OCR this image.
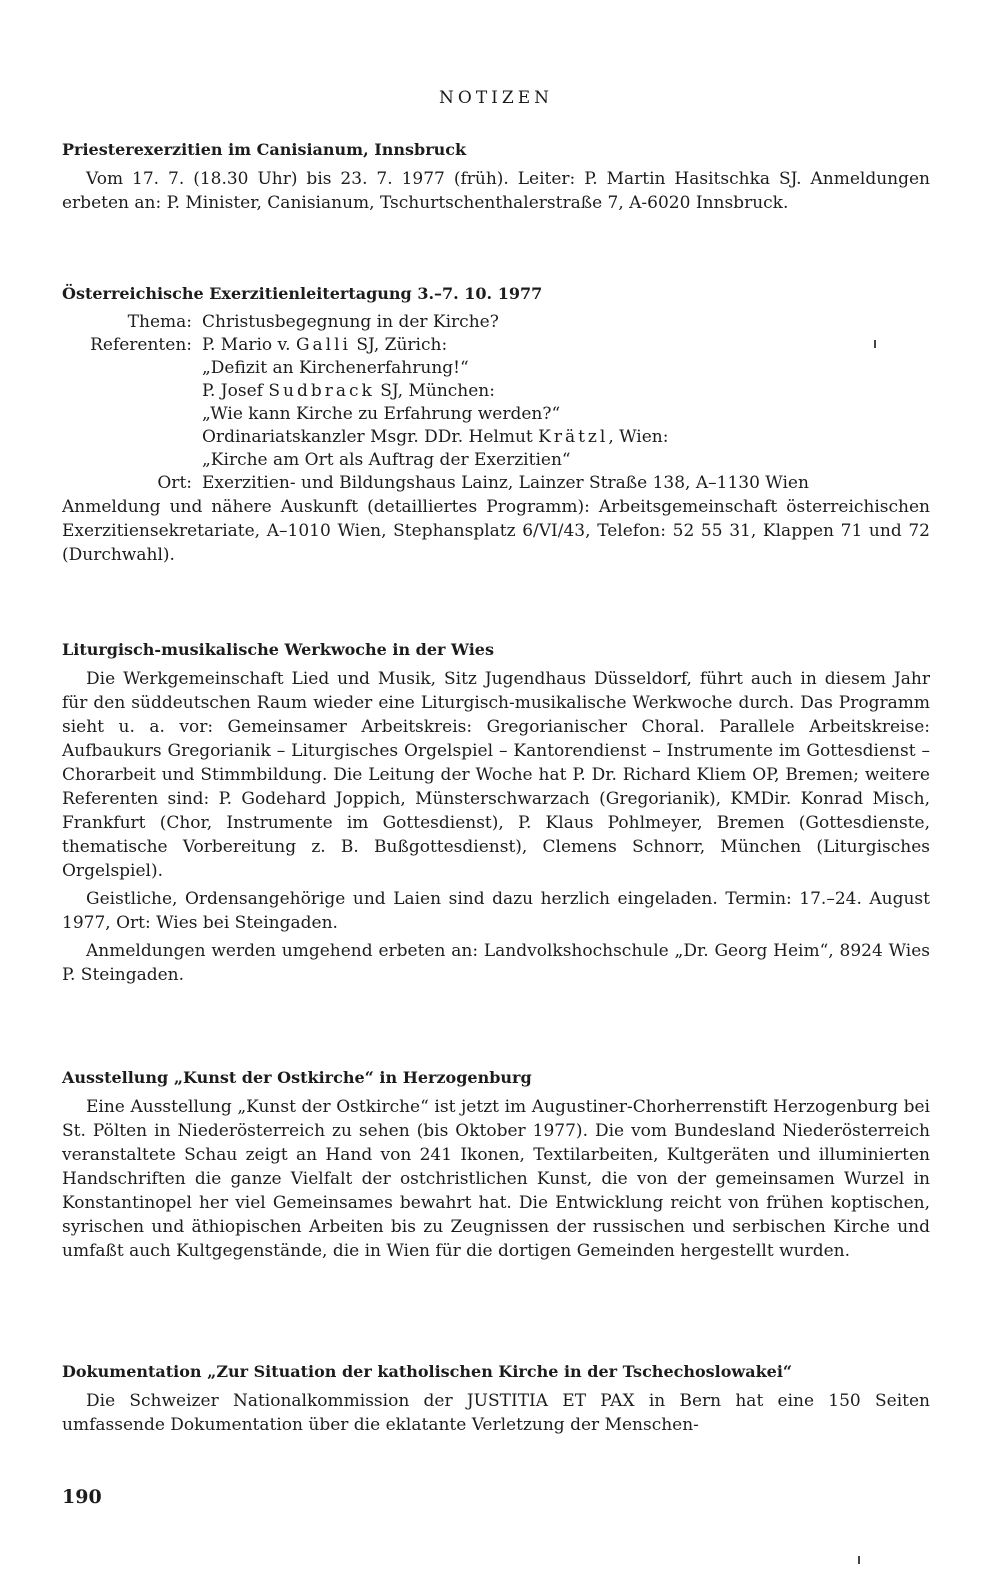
NOTIZEN
Priesterexerzitien im Canisianum, Innsbruck

Vom 17. 7. (18.30 Uhr) bis 23. 7. 1977 (früh). Leiter: P. Martin Hasitschka SJ. Anmeldungen erbeten an: P. Minister, Canisianum, Tschurtschenthalerstraße 7, A-6020 Innsbruck.

Österreichische Exerzitienleitertagung 3.–7. 10. 1977
Thema: Christusbegegnung in der Kirche?
Referenten: P. Mario v. Galli SJ, Zürich:
„Defizit an Kirchenerfahrung!“
P. Josef Sudbrack SJ, München:
„Wie kann Kirche zu Erfahrung werden?“
Ordinariatskanzler Msgr. DDr. Helmut Krätzl, Wien:
„Kirche am Ort als Auftrag der Exerzitien“
Ort: Exerzitien- und Bildungshaus Lainz, Lainzer Straße 138, A–1130 Wien

Anmeldung und nähere Auskunft (detailliertes Programm): Arbeitsgemeinschaft österreichischen Exerzitiensekretariate, A–1010 Wien, Stephansplatz 6/VI/43, Telefon: 52 55 31, Klappen 71 und 72 (Durchwahl).

Liturgisch-musikalische Werkwoche in der Wies

Die Werkgemeinschaft Lied und Musik, Sitz Jugendhaus Düsseldorf, führt auch in diesem Jahr für den süddeutschen Raum wieder eine Liturgisch-musikalische Werkwoche durch. Das Programm sieht u. a. vor: Gemeinsamer Arbeitskreis: Gregorianischer Choral. Parallele Arbeitskreise: Aufbaukurs Gregorianik – Liturgisches Orgelspiel – Kantorendienst – Instrumente im Gottesdienst – Chorarbeit und Stimmbildung. Die Leitung der Woche hat P. Dr. Richard Kliem OP, Bremen; weitere Referenten sind: P. Godehard Joppich, Münsterschwarzach (Gregorianik), KMDir. Konrad Misch, Frankfurt (Chor, Instrumente im Gottesdienst), P. Klaus Pohlmeyer, Bremen (Gottesdienste, thematische Vorbereitung z. B. Bußgottesdienst), Clemens Schnorr, München (Liturgisches Orgelspiel).

Geistliche, Ordensangehörige und Laien sind dazu herzlich eingeladen. Termin: 17.–24. August 1977, Ort: Wies bei Steingaden.

Anmeldungen werden umgehend erbeten an: Landvolkshochschule „Dr. Georg Heim“, 8924 Wies P. Steingaden.

Ausstellung „Kunst der Ostkirche“ in Herzogenburg

Eine Ausstellung „Kunst der Ostkirche“ ist jetzt im Augustiner-Chorherrenstift Herzogenburg bei St. Pölten in Niederösterreich zu sehen (bis Oktober 1977). Die vom Bundesland Niederösterreich veranstaltete Schau zeigt an Hand von 241 Ikonen, Textilarbeiten, Kultgeräten und illuminierten Handschriften die ganze Vielfalt der ostchristlichen Kunst, die von der gemeinsamen Wurzel in Konstantinopel her viel Gemeinsames bewahrt hat. Die Entwicklung reicht von frühen koptischen, syrischen und äthiopischen Arbeiten bis zu Zeugnissen der russischen und serbischen Kirche und umfaßt auch Kultgegenstände, die in Wien für die dortigen Gemeinden hergestellt wurden.

Dokumentation „Zur Situation der katholischen Kirche in der Tschechoslowakei“

Die Schweizer Nationalkommission der JUSTITIA ET PAX in Bern hat eine 150 Seiten umfassende Dokumentation über die eklatante Verletzung der Menschen-

190
